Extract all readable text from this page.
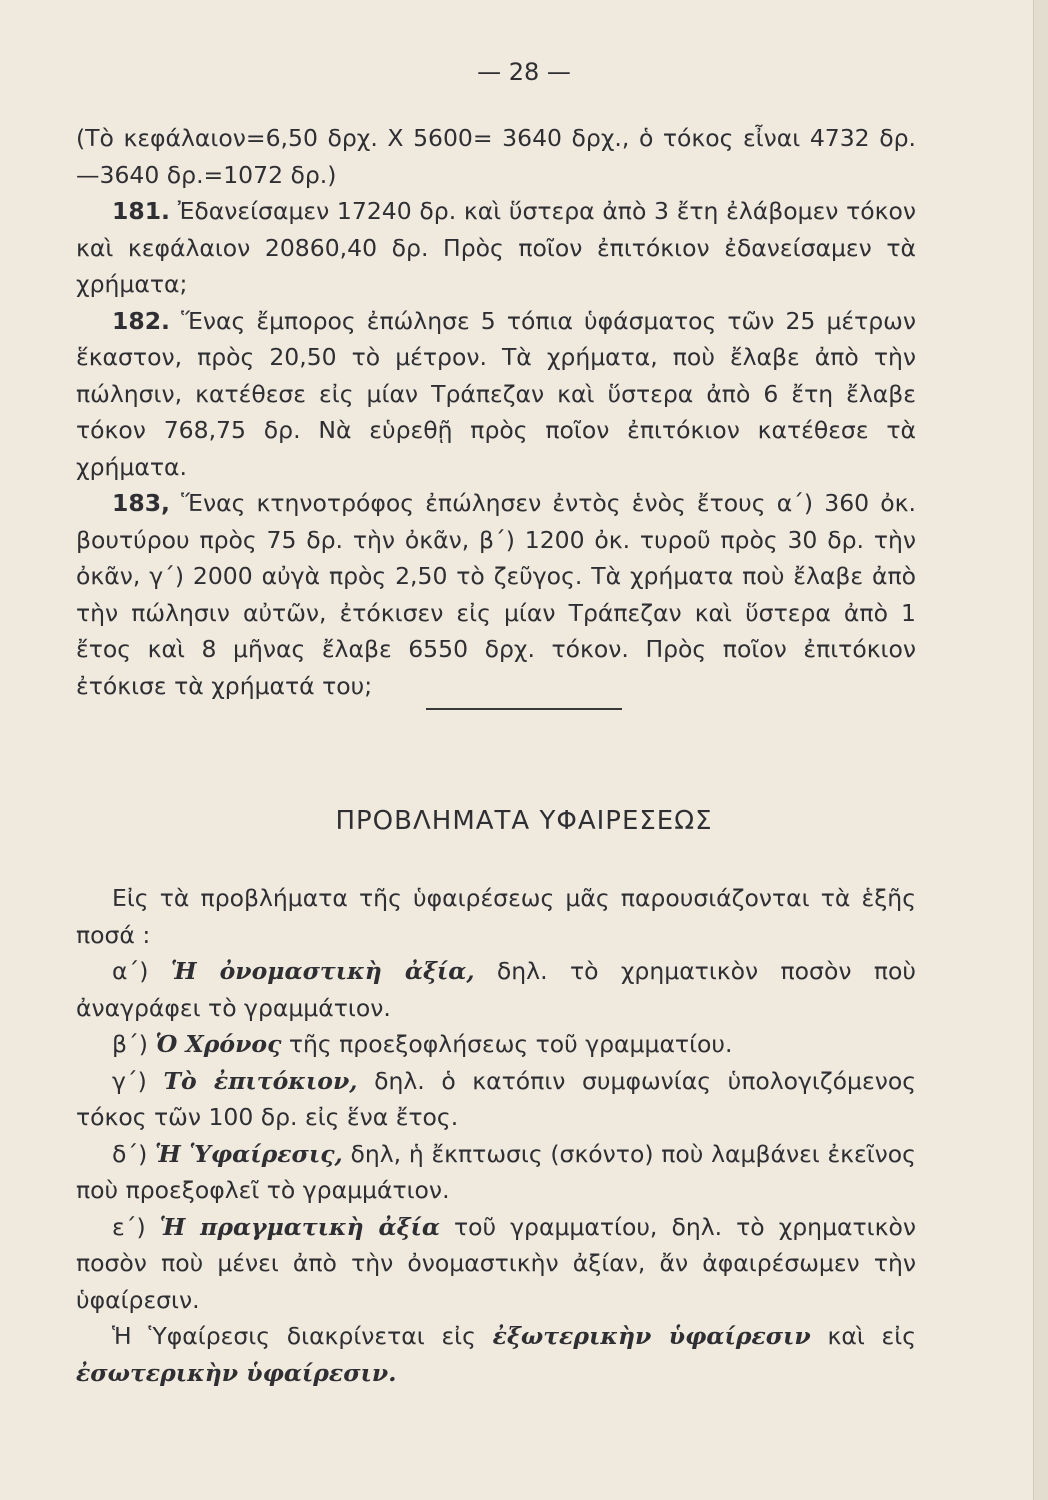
— 28 —

(Τὸ κεφάλαιον=6,50 δρχ. X 5600= 3640 δρχ., ὁ τόκος εἶναι 4732 δρ.—3640 δρ.=1072 δρ.)

181. Ἐδανείσαμεν 17240 δρ. καὶ ὕστερα ἀπὸ 3 ἔτη ἐλάβομεν τόκον καὶ κεφάλαιον 20860,40 δρ. Πρὸς ποῖον ἐπιτόκιον ἐδανείσαμεν τὰ χρήματα;

182. Ἕνας ἔμπορος ἐπώλησε 5 τόπια ὑφάσματος τῶν 25 μέτρων ἕκαστον, πρὸς 20,50 τὸ μέτρον. Τὰ χρήματα, ποὺ ἔλαβε ἀπὸ τὴν πώλησιν, κατέθεσε εἰς μίαν Τράπεζαν καὶ ὕστερα ἀπὸ 6 ἔτη ἔλαβε τόκον 768,75 δρ. Νὰ εὑρεθῇ πρὸς ποῖον ἐπιτόκιον κατέθεσε τὰ χρήματα.

183, Ἕνας κτηνοτρόφος ἐπώλησεν ἐντὸς ἑνὸς ἔτους α΄) 360 ὀκ. βουτύρου πρὸς 75 δρ. τὴν ὀκᾶν, β΄) 1200 ὀκ. τυροῦ πρὸς 30 δρ. τὴν ὀκᾶν, γ΄) 2000 αὐγὰ πρὸς 2,50 τὸ ζεῦγος. Τὰ χρήματα ποὺ ἔλαβε ἀπὸ τὴν πώλησιν αὐτῶν, ἐτόκισεν εἰς μίαν Τράπεζαν καὶ ὕστερα ἀπὸ 1 ἔτος καὶ 8 μῆνας ἔλαβε 6550 δρχ. τόκον. Πρὸς ποῖον ἐπιτόκιον ἐτόκισε τὰ χρήματά του;

ΠΡΟΒΛΗΜΑΤΑ ΥΦΑΙΡΕΣΕΩΣ

Εἰς τὰ προβλήματα τῆς ὑφαιρέσεως μᾶς παρουσιάζονται τὰ ἑξῆς ποσά :

α΄) Ἡ ὀνομαστικὴ ἀξία, δηλ. τὸ χρηματικὸν ποσὸν ποὺ ἀναγράφει τὸ γραμμάτιον.

β΄) Ὁ Χρόνος τῆς προεξοφλήσεως τοῦ γραμματίου.

γ΄) Τὸ ἐπιτόκιον, δηλ. ὁ κατόπιν συμφωνίας ὑπολογιζόμενος τόκος τῶν 100 δρ. εἰς ἕνα ἔτος.

δ΄) Ἡ Ὑφαίρεσις, δηλ, ἡ ἔκπτωσις (σκόντο) ποὺ λαμβάνει ἐκεῖνος ποὺ προεξοφλεῖ τὸ γραμμάτιον.

ε΄) Ἡ πραγματικὴ ἀξία τοῦ γραμματίου, δηλ. τὸ χρηματικὸν ποσὸν ποὺ μένει ἀπὸ τὴν ὀνομαστικὴν ἀξίαν, ἄν ἀφαιρέσωμεν τὴν ὑφαίρεσιν.

Ἡ Ὑφαίρεσις διακρίνεται εἰς ἐξωτερικὴν ὑφαίρεσιν καὶ εἰς ἐσωτερικὴν ὑφαίρεσιν.
